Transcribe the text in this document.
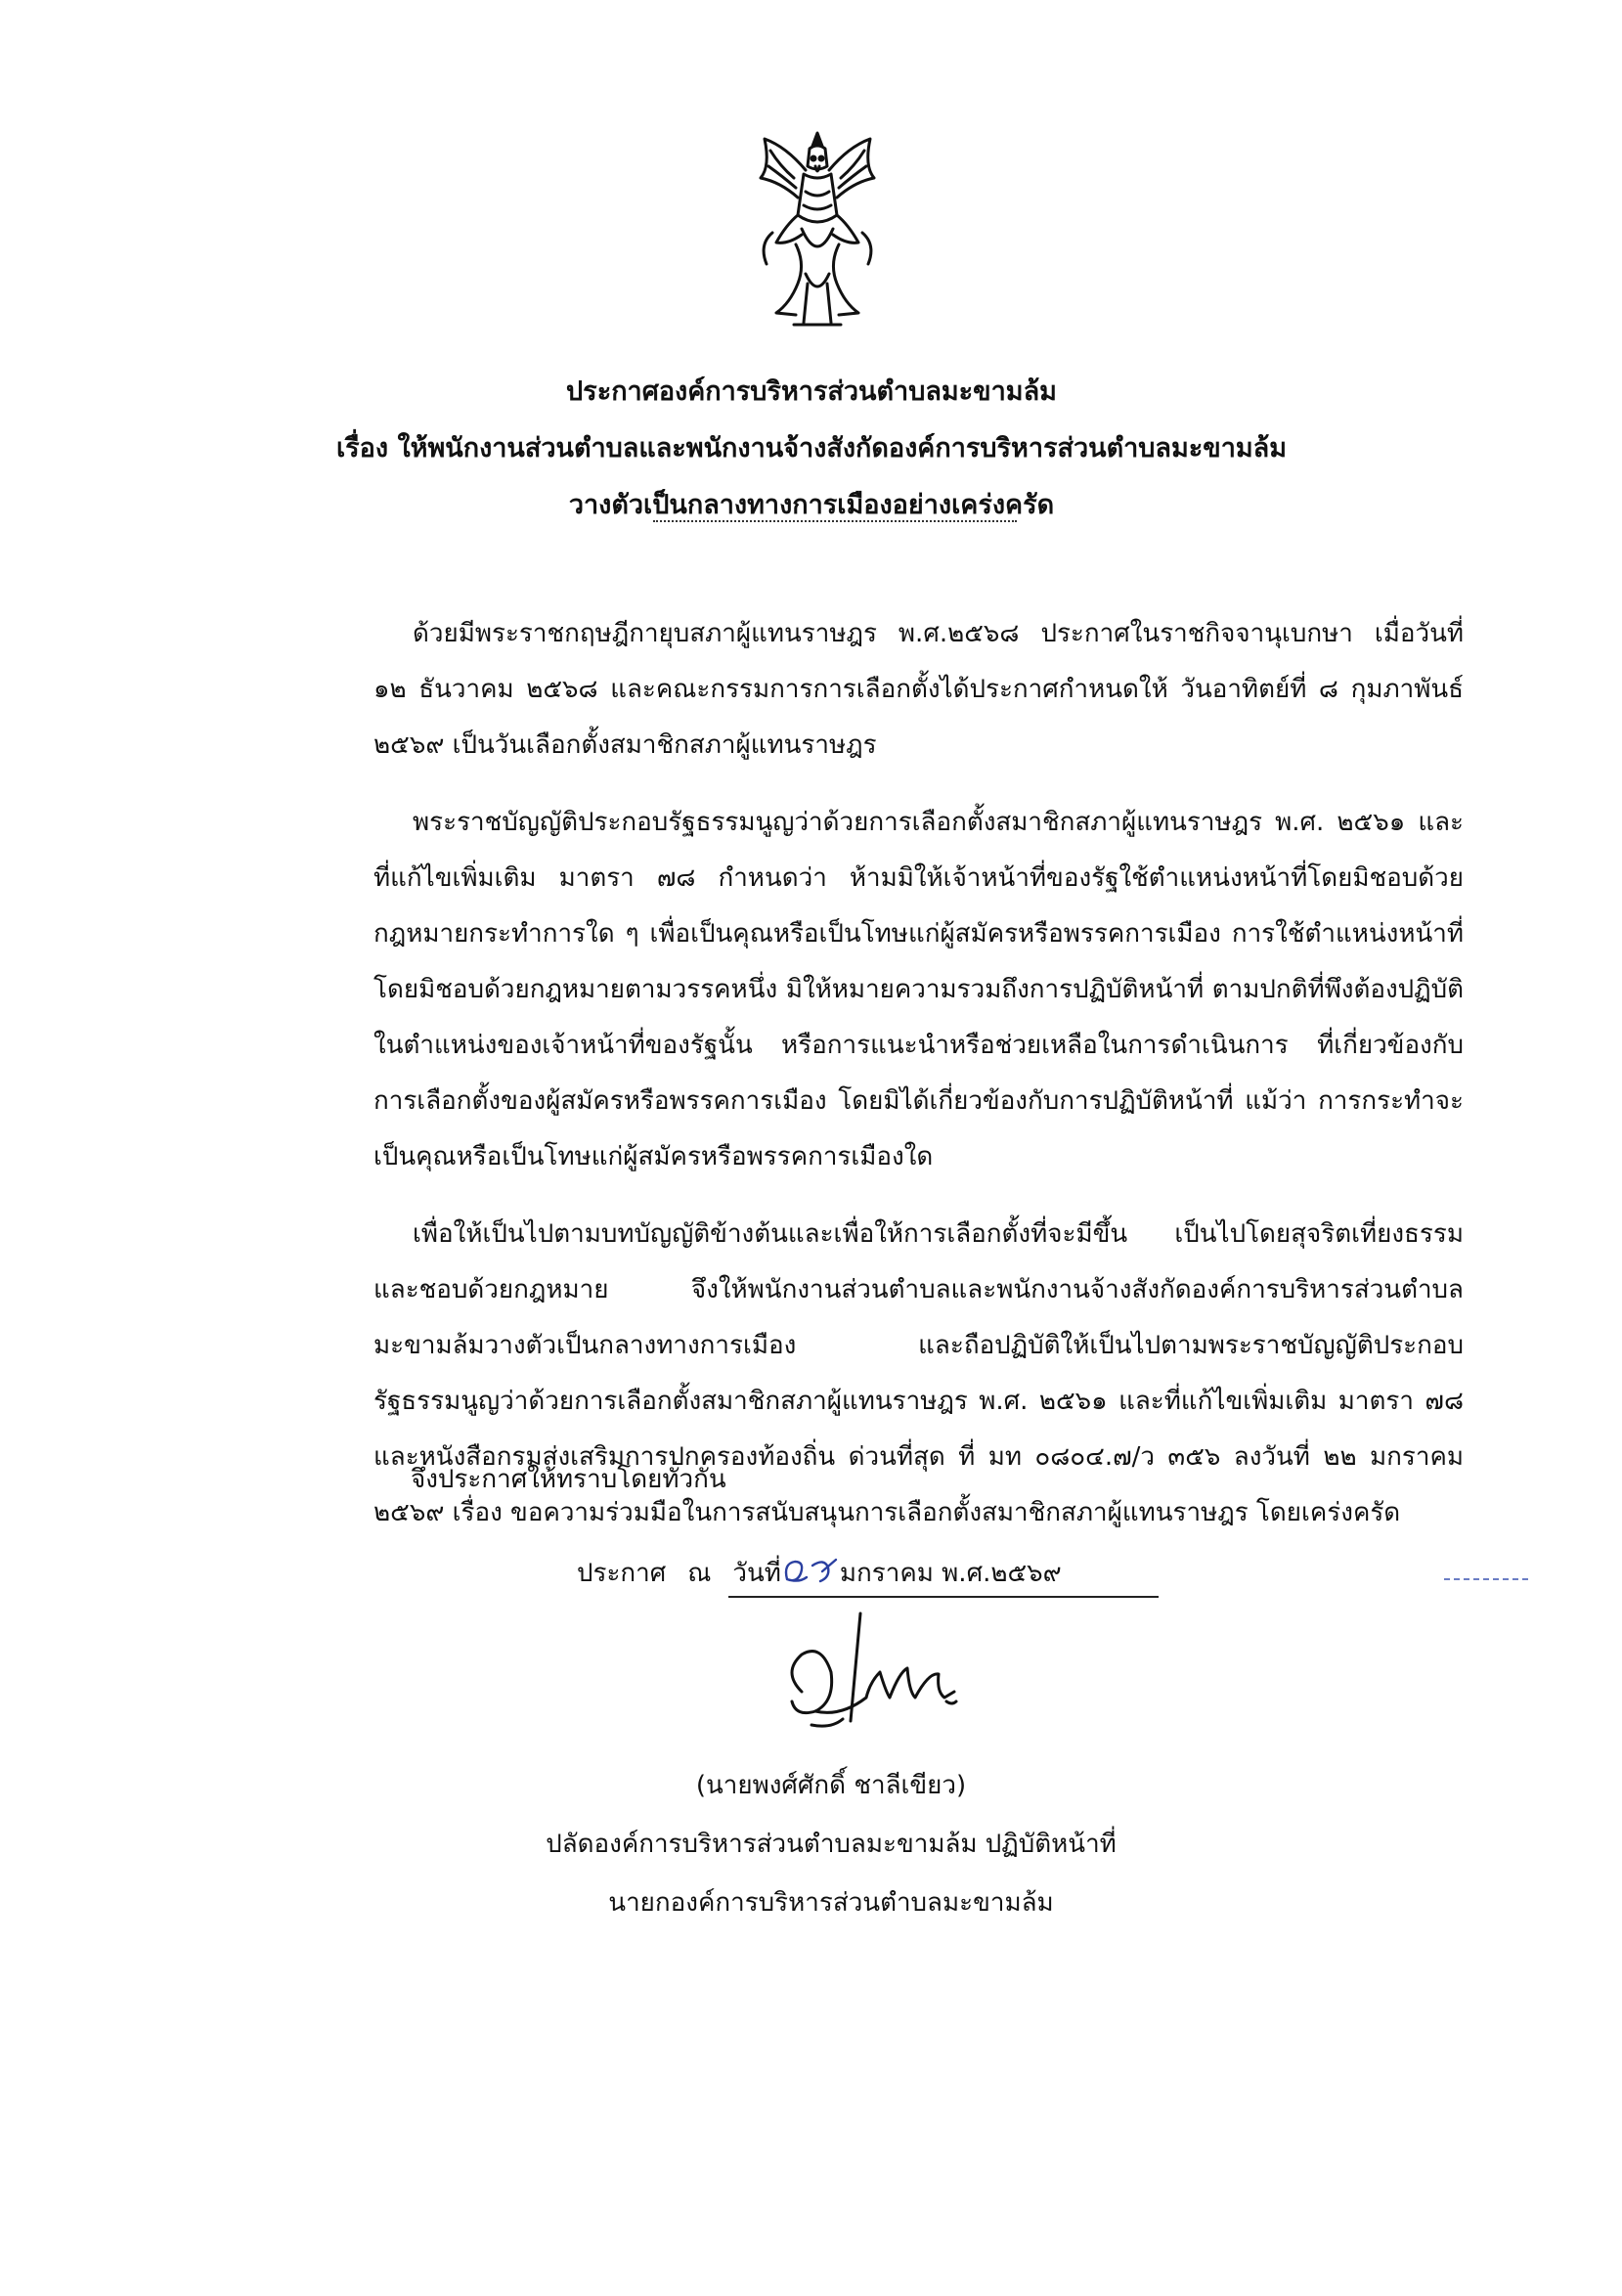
ประกาศองค์การบริหารส่วนตำบลมะขามล้ม
เรื่อง ให้พนักงานส่วนตำบลและพนักงานจ้างสังกัดองค์การบริหารส่วนตำบลมะขามล้ม
วางตัวเป็นกลางทางการเมืองอย่างเคร่งครัด

ด้วยมีพระราชกฤษฎีกายุบสภาผู้แทนราษฎร พ.ศ.๒๕๖๘ ประกาศในราชกิจจานุเบกษา เมื่อวันที่ ๑๒ ธันวาคม ๒๕๖๘ และคณะกรรมการการเลือกตั้งได้ประกาศกำหนดให้ วันอาทิตย์ที่ ๘ กุมภาพันธ์ ๒๕๖๙ เป็นวันเลือกตั้งสมาชิกสภาผู้แทนราษฎร

พระราชบัญญัติประกอบรัฐธรรมนูญว่าด้วยการเลือกตั้งสมาชิกสภาผู้แทนราษฎร พ.ศ. ๒๕๖๑ และที่แก้ไขเพิ่มเติม มาตรา ๗๘ กำหนดว่า ห้ามมิให้เจ้าหน้าที่ของรัฐใช้ตำแหน่งหน้าที่โดยมิชอบด้วยกฎหมายกระทำการใด ๆ เพื่อเป็นคุณหรือเป็นโทษแก่ผู้สมัครหรือพรรคการเมือง การใช้ตำแหน่งหน้าที่โดยมิชอบด้วยกฎหมายตามวรรคหนึ่ง มิให้หมายความรวมถึงการปฏิบัติหน้าที่ ตามปกติที่พึงต้องปฏิบัติในตำแหน่งของเจ้าหน้าที่ของรัฐนั้น หรือการแนะนำหรือช่วยเหลือในการดำเนินการ ที่เกี่ยวข้องกับการเลือกตั้งของผู้สมัครหรือพรรคการเมือง โดยมิได้เกี่ยวข้องกับการปฏิบัติหน้าที่ แม้ว่า การกระทำจะเป็นคุณหรือเป็นโทษแก่ผู้สมัครหรือพรรคการเมืองใด

เพื่อให้เป็นไปตามบทบัญญัติข้างต้นและเพื่อให้การเลือกตั้งที่จะมีขึ้น เป็นไปโดยสุจริตเที่ยงธรรมและชอบด้วยกฎหมาย จึงให้พนักงานส่วนตำบลและพนักงานจ้างสังกัดองค์การบริหารส่วนตำบลมะขามล้มวางตัวเป็นกลางทางการเมือง และถือปฏิบัติให้เป็นไปตามพระราชบัญญัติประกอบรัฐธรรมนูญว่าด้วยการเลือกตั้งสมาชิกสภาผู้แทนราษฎร พ.ศ. ๒๕๖๑ และที่แก้ไขเพิ่มเติม มาตรา ๗๘ และหนังสือกรมส่งเสริมการปกครองท้องถิ่น ด่วนที่สุด ที่ มท ๐๘๐๔.๗/ว ๓๕๖ ลงวันที่ ๒๒ มกราคม ๒๕๖๙ เรื่อง ขอความร่วมมือในการสนับสนุนการเลือกตั้งสมาชิกสภาผู้แทนราษฎร โดยเคร่งครัด

จึงประกาศให้ทราบโดยทั่วกัน
ประกาศ ณ วันที่ มกราคม พ.ศ.๒๕๖๙
(นายพงศ์ศักดิ์ ชาลีเขียว)
ปลัดองค์การบริหารส่วนตำบลมะขามล้ม ปฏิบัติหน้าที่
นายกองค์การบริหารส่วนตำบลมะขามล้ม
